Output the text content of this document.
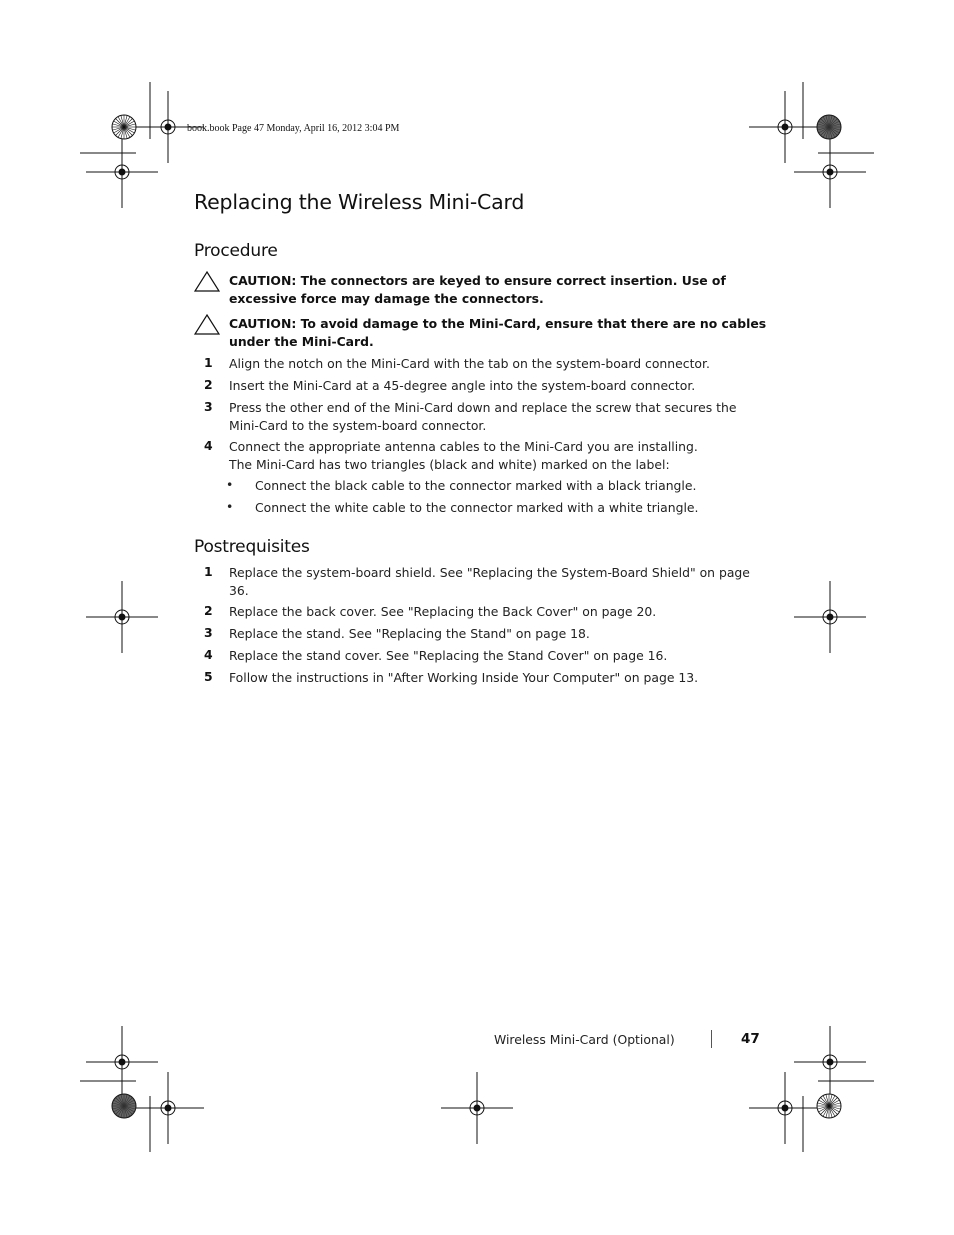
book.book Page 47 Monday, April 16, 2012 3:04 PM
Replacing the Wireless Mini-Card
Procedure
CAUTION: The connectors are keyed to ensure correct insertion. Use of excessive force may damage the connectors.
CAUTION: To avoid damage to the Mini-Card, ensure that there are no cables under the Mini-Card.
1 Align the notch on the Mini-Card with the tab on the system-board connector.
2 Insert the Mini-Card at a 45-degree angle into the system-board connector.
3 Press the other end of the Mini-Card down and replace the screw that secures the Mini-Card to the system-board connector.
4 Connect the appropriate antenna cables to the Mini-Card you are installing.
The Mini-Card has two triangles (black and white) marked on the label:
• Connect the black cable to the connector marked with a black triangle.
• Connect the white cable to the connector marked with a white triangle.
Postrequisites
1 Replace the system-board shield. See "Replacing the System-Board Shield" on page 36.
2 Replace the back cover. See "Replacing the Back Cover" on page 20.
3 Replace the stand. See "Replacing the Stand" on page 18.
4 Replace the stand cover. See "Replacing the Stand Cover" on page 16.
5 Follow the instructions in "After Working Inside Your Computer" on page 13.
Wireless Mini-Card (Optional)	47
